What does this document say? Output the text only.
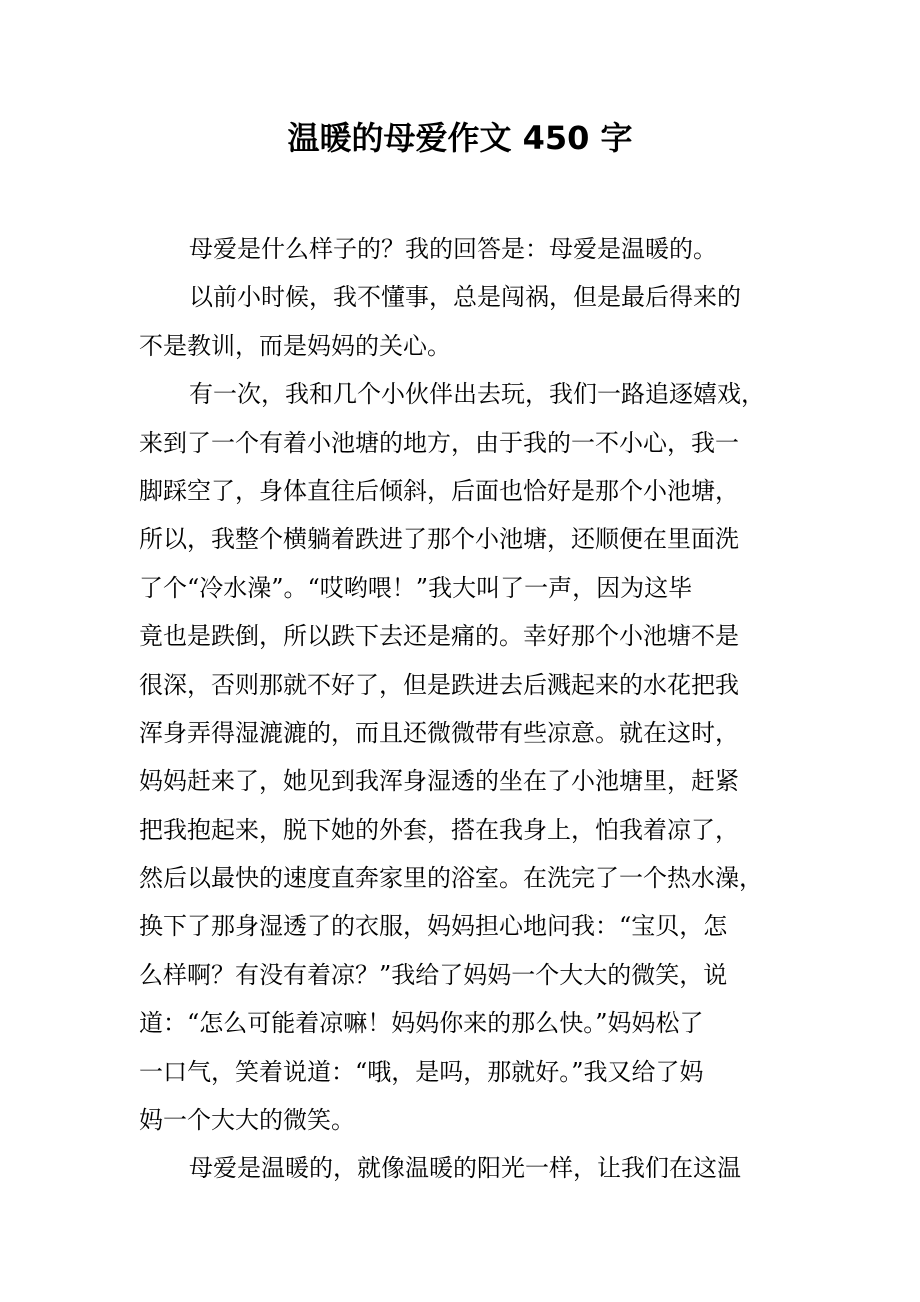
温暖的母爱作文 450 字

母爱是什么样子的？我的回答是：母爱是温暖的。

以前小时候，我不懂事，总是闯祸，但是最后得来的
不是教训，而是妈妈的关心。

有一次，我和几个小伙伴出去玩，我们一路追逐嬉戏，
来到了一个有着小池塘的地方，由于我的一不小心，我一
脚踩空了，身体直往后倾斜，后面也恰好是那个小池塘，
所以，我整个横躺着跌进了那个小池塘，还顺便在里面洗
了个“冷水澡”。“哎哟喂！”我大叫了一声，因为这毕
竟也是跌倒，所以跌下去还是痛的。幸好那个小池塘不是
很深，否则那就不好了，但是跌进去后溅起来的水花把我
浑身弄得湿漉漉的，而且还微微带有些凉意。就在这时，
妈妈赶来了，她见到我浑身湿透的坐在了小池塘里，赶紧
把我抱起来，脱下她的外套，搭在我身上，怕我着凉了，
然后以最快的速度直奔家里的浴室。在洗完了一个热水澡，
换下了那身湿透了的衣服，妈妈担心地问我：“宝贝，怎
么样啊？有没有着凉？”我给了妈妈一个大大的微笑，说
道：“怎么可能着凉嘛！妈妈你来的那么快。”妈妈松了
一口气，笑着说道：“哦，是吗，那就好。”我又给了妈
妈一个大大的微笑。

母爱是温暖的，就像温暖的阳光一样，让我们在这温
